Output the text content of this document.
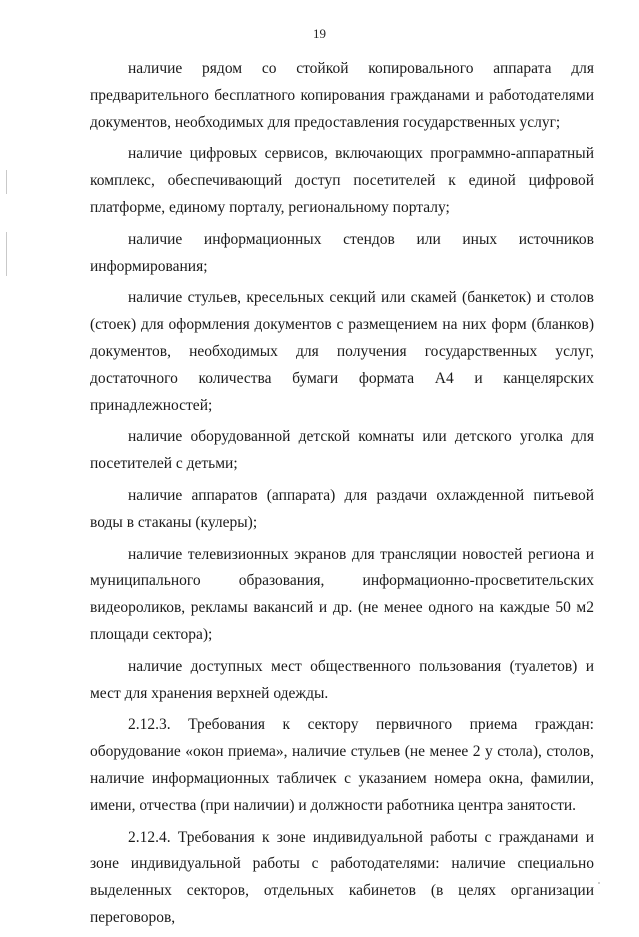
19

наличие рядом со стойкой копировального аппарата для предварительного бесплатного копирования гражданами и работодателями документов, необходимых для предоставления государственных услуг;

наличие цифровых сервисов, включающих программно-аппаратный комплекс, обеспечивающий доступ посетителей к единой цифровой платформе, единому порталу, региональному порталу;

наличие информационных стендов или иных источников информирования;

наличие стульев, кресельных секций или скамей (банкеток) и столов (стоек) для оформления документов с размещением на них форм (бланков) документов, необходимых для получения государственных услуг, достаточного количества бумаги формата А4 и канцелярских принадлежностей;

наличие оборудованной детской комнаты или детского уголка для посетителей с детьми;

наличие аппаратов (аппарата) для раздачи охлажденной питьевой воды в стаканы (кулеры);

наличие телевизионных экранов для трансляции новостей региона и муниципального образования, информационно-просветительских видеороликов, рекламы вакансий и др. (не менее одного на каждые 50 м2 площади сектора);

наличие доступных мест общественного пользования (туалетов) и мест для хранения верхней одежды.

2.12.3. Требования к сектору первичного приема граждан: оборудование «окон приема», наличие стульев (не менее 2 у стола), столов, наличие информационных табличек с указанием номера окна, фамилии, имени, отчества (при наличии) и должности работника центра занятости.

2.12.4. Требования к зоне индивидуальной работы с гражданами и зоне индивидуальной работы с работодателями: наличие специально выделенных секторов, отдельных кабинетов (в целях организации переговоров,
